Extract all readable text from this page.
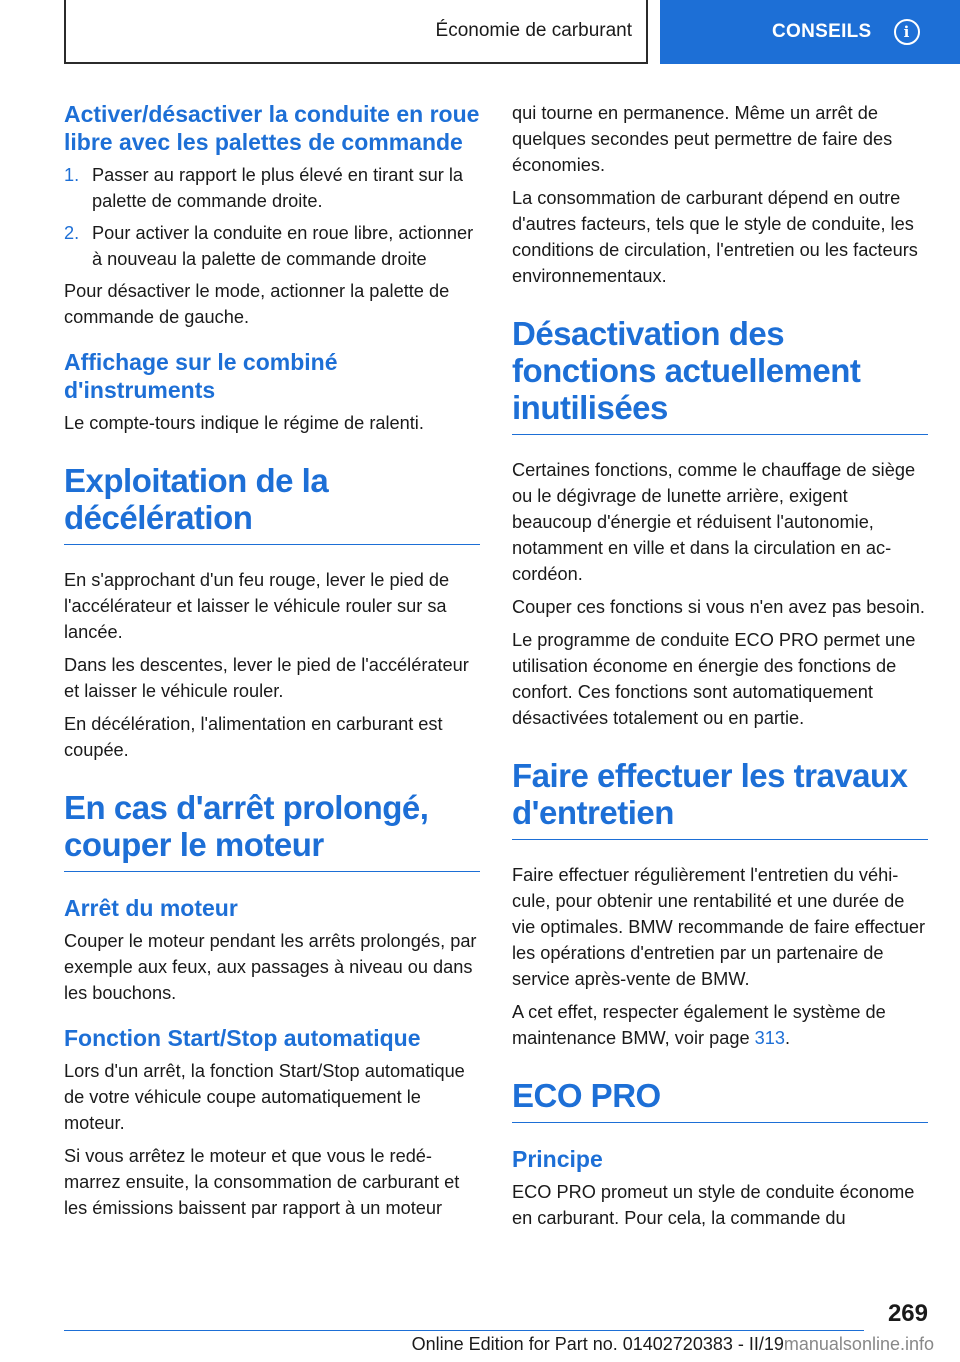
Économie de carburant	CONSEILS	i
Activer/désactiver la conduite en roue libre avec les palettes de commande
1. Passer au rapport le plus élevé en tirant sur la palette de commande droite.
2. Pour activer la conduite en roue libre, actionner à nouveau la palette de commande droite

Pour désactiver le mode, actionner la palette de commande de gauche.

Affichage sur le combiné d'instruments

Le compte-tours indique le régime de ralenti.

Exploitation de la décélération

En s'approchant d'un feu rouge, lever le pied de l'accélérateur et laisser le véhicule rouler sur sa lancée.

Dans les descentes, lever le pied de l'accélérateur et laisser le véhicule rouler.

En décélération, l'alimentation en carburant est coupée.

En cas d'arrêt prolongé, couper le moteur
Arrêt du moteur

Couper le moteur pendant les arrêts prolongés, par exemple aux feux, aux passages à niveau ou dans les bouchons.

Fonction Start/Stop automatique

Lors d'un arrêt, la fonction Start/Stop automatique de votre véhicule coupe automatiquement le moteur.

Si vous arrêtez le moteur et que vous le redémarrez ensuite, la consommation de carburant et les émissions baissent par rapport à un moteur

qui tourne en permanence. Même un arrêt de quelques secondes peut permettre de faire des économies.

La consommation de carburant dépend en outre d'autres facteurs, tels que le style de conduite, les conditions de circulation, l'entretien ou les facteurs environnementaux.

Désactivation des fonctions actuellement inutilisées

Certaines fonctions, comme le chauffage de siège ou le dégivrage de lunette arrière, exigent beaucoup d'énergie et réduisent l'autonomie, notamment en ville et dans la circulation en accordéon.

Couper ces fonctions si vous n'en avez pas besoin.

Le programme de conduite ECO PRO permet une utilisation économe en énergie des fonctions de confort. Ces fonctions sont automatiquement désactivées totalement ou en partie.

Faire effectuer les travaux d'entretien

Faire effectuer régulièrement l'entretien du véhicule, pour obtenir une rentabilité et une durée de vie optimales. BMW recommande de faire effectuer les opérations d'entretien par un partenaire de service après-vente de BMW.

A cet effet, respecter également le système de maintenance BMW, voir page 313.

ECO PRO
Principe

ECO PRO promeut un style de conduite économe en carburant. Pour cela, la commande du

269
Online Edition for Part no. 01402720383 - II/19manualsonline.info
